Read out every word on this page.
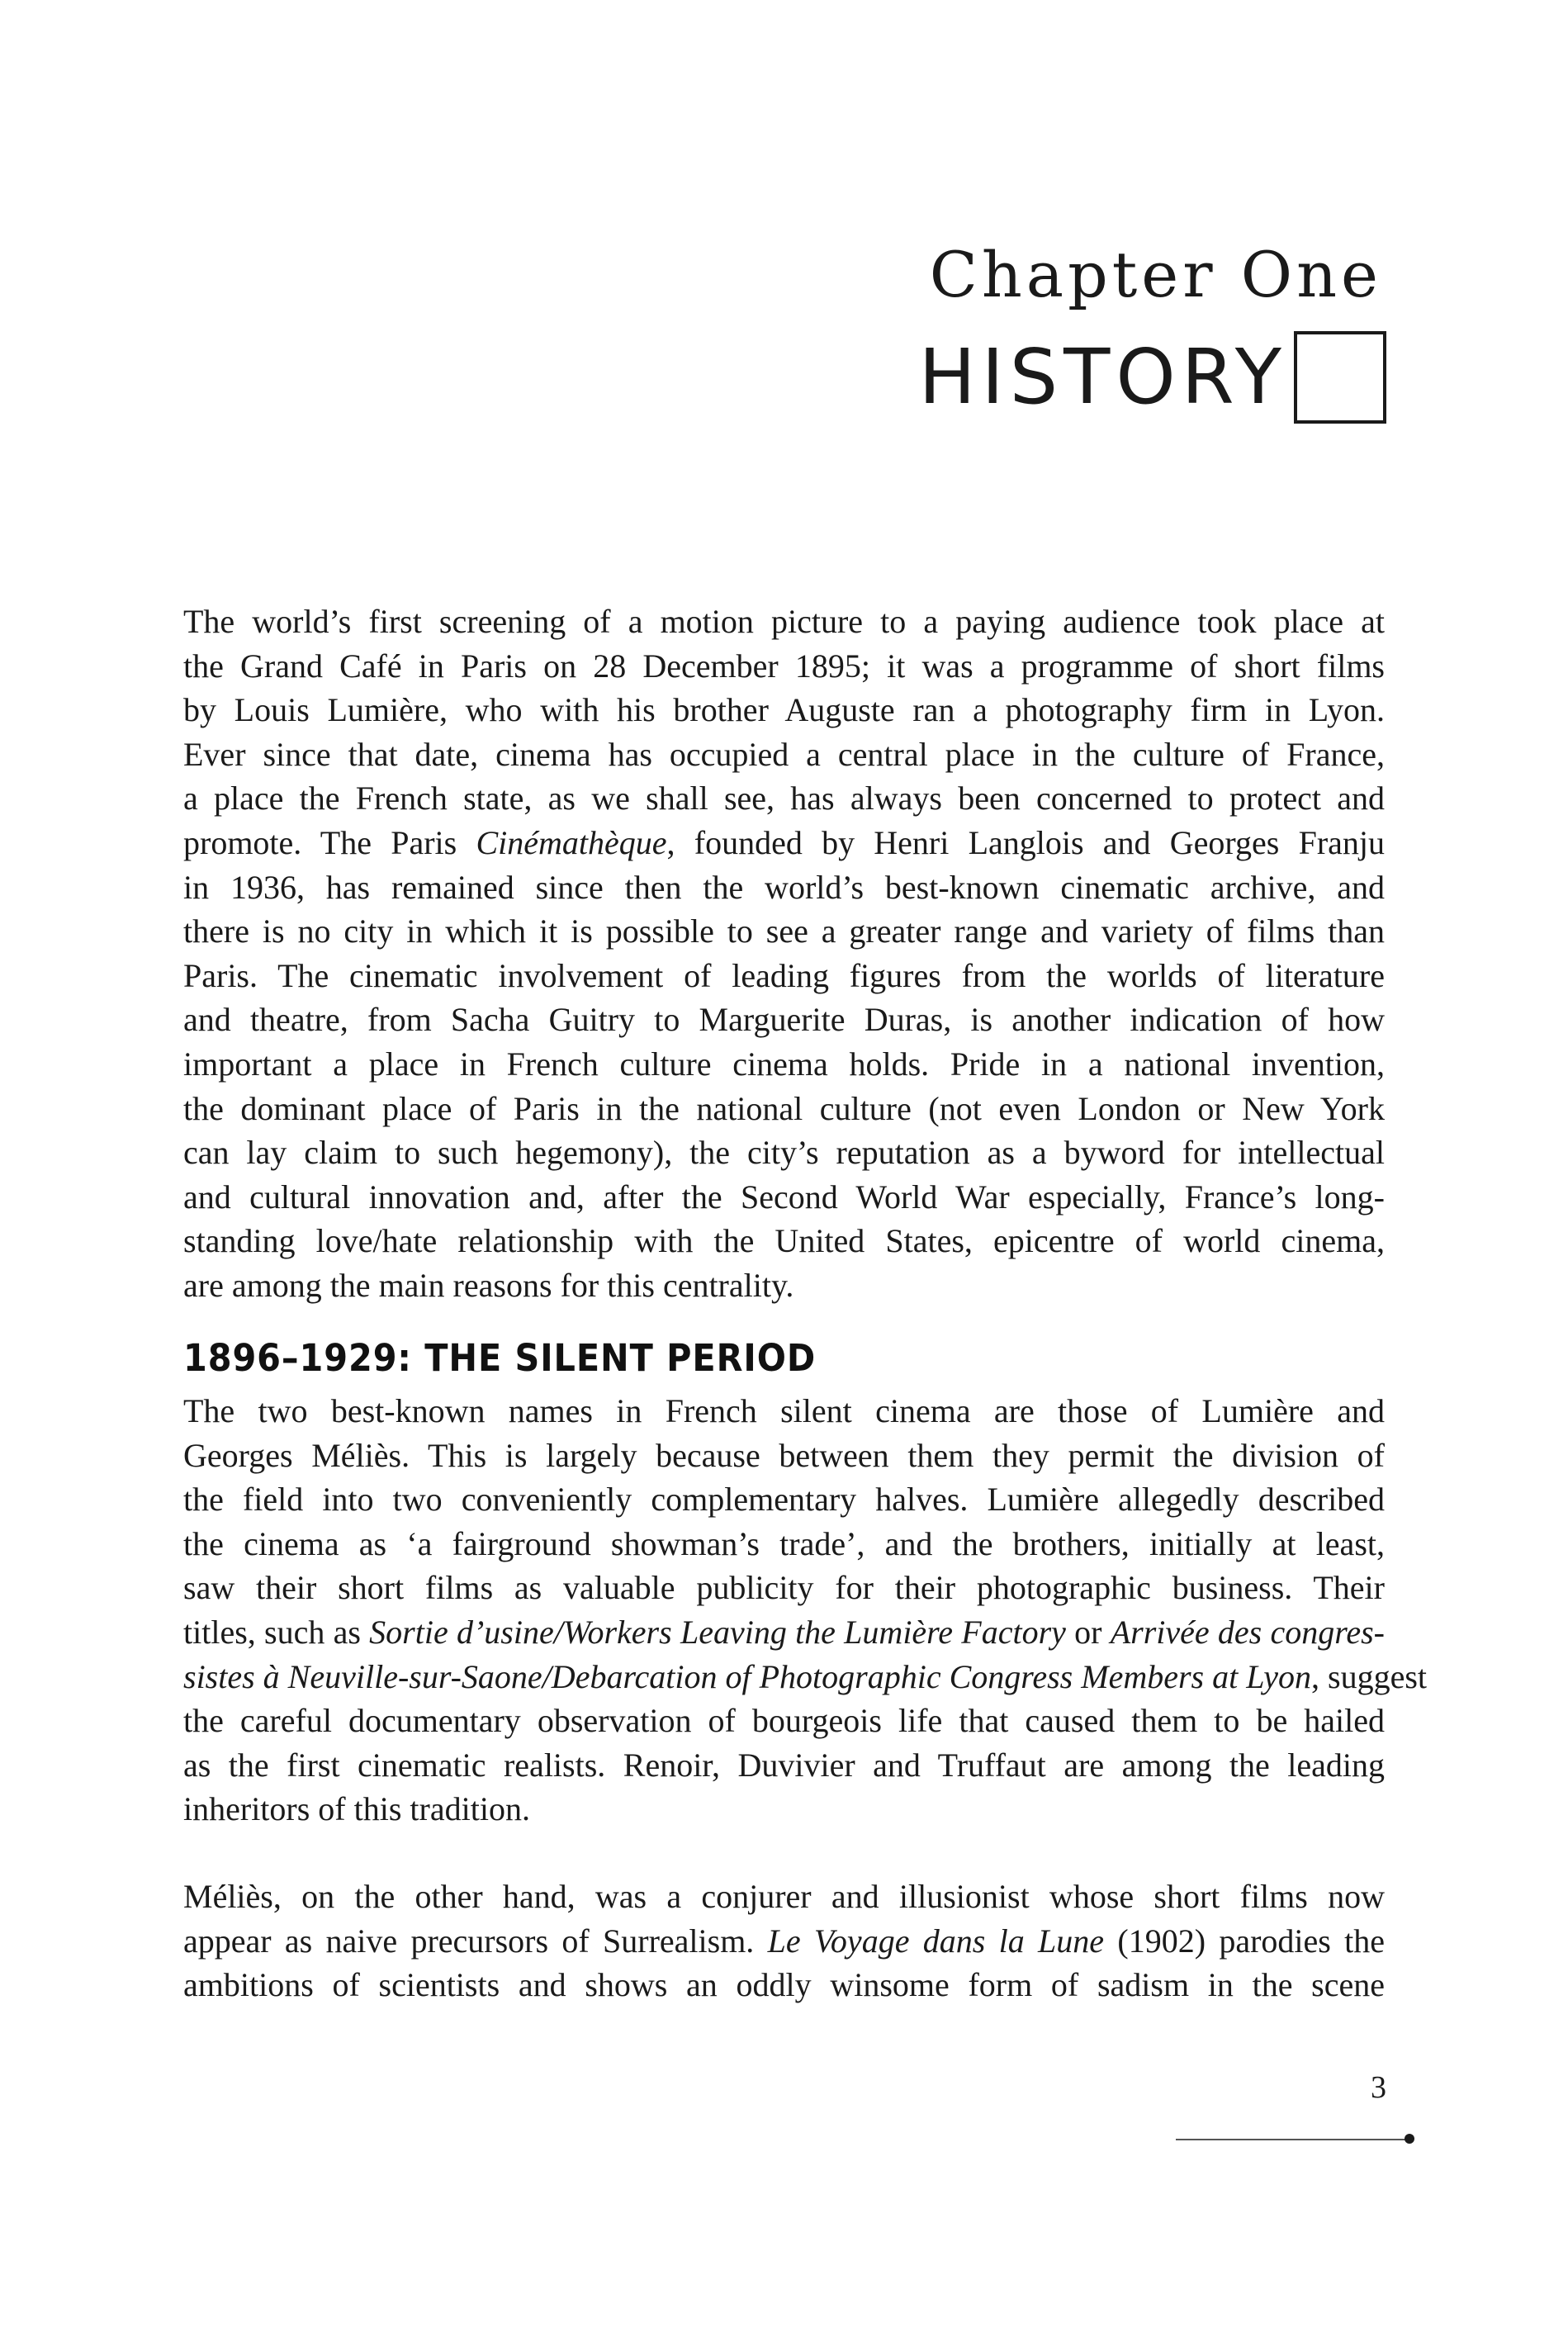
Chapter One
HISTORY
The world’s first screening of a motion picture to a paying audience took place at
the Grand Café in Paris on 28 December 1895; it was a programme of short films
by Louis Lumière, who with his brother Auguste ran a photography firm in Lyon.
Ever since that date, cinema has occupied a central place in the culture of France,
a place the French state, as we shall see, has always been concerned to protect and
promote. The Paris Cinémathèque, founded by Henri Langlois and Georges Franju
in 1936, has remained since then the world’s best-known cinematic archive, and
there is no city in which it is possible to see a greater range and variety of films than
Paris. The cinematic involvement of leading figures from the worlds of literature
and theatre, from Sacha Guitry to Marguerite Duras, is another indication of how
important a place in French culture cinema holds. Pride in a national invention,
the dominant place of Paris in the national culture (not even London or New York
can lay claim to such hegemony), the city’s reputation as a byword for intellectual
and cultural innovation and, after the Second World War especially, France’s long-
standing love/hate relationship with the United States, epicentre of world cinema,
are among the main reasons for this centrality.
1896–1929: THE SILENT PERIOD
The two best-known names in French silent cinema are those of Lumière and
Georges Méliès. This is largely because between them they permit the division of
the field into two conveniently complementary halves. Lumière allegedly described
the cinema as ‘a fairground showman’s trade’, and the brothers, initially at least,
saw their short films as valuable publicity for their photographic business. Their
titles, such as Sortie d’usine/Workers Leaving the Lumière Factory or Arrivée des congres-
sistes à Neuville-sur-Saone/Debarcation of Photographic Congress Members at Lyon, suggest
the careful documentary observation of bourgeois life that caused them to be hailed
as the first cinematic realists. Renoir, Duvivier and Truffaut are among the leading
inheritors of this tradition.
Méliès, on the other hand, was a conjurer and illusionist whose short films now
appear as naive precursors of Surrealism. Le Voyage dans la Lune (1902) parodies the
ambitions of scientists and shows an oddly winsome form of sadism in the scene
3
